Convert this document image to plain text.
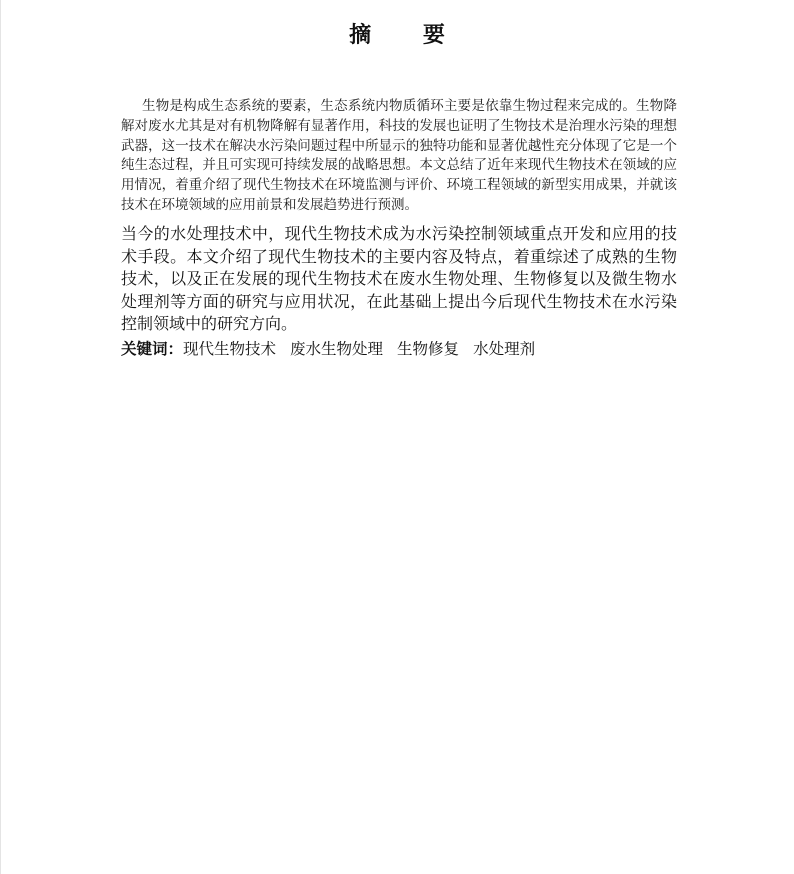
摘 要

生物是构成生态系统的要素，生态系统内物质循环主要是依靠生物过程来完成的。生物降解对废水尤其是对有机物降解有显著作用，科技的发展也证明了生物技术是治理水污染的理想武器，这一技术在解决水污染问题过程中所显示的独特功能和显著优越性充分体现了它是一个纯生态过程，并且可实现可持续发展的战略思想。本文总结了近年来现代生物技术在领域的应用情况，着重介绍了现代生物技术在环境监测与评价、环境工程领域的新型实用成果，并就该技术在环境领域的应用前景和发展趋势进行预测。

当今的水处理技术中，现代生物技术成为水污染控制领域重点开发和应用的技术手段。本文介绍了现代生物技术的主要内容及特点，着重综述了成熟的生物技术，以及正在发展的现代生物技术在废水生物处理、生物修复以及微生物水处理剂等方面的研究与应用状况，在此基础上提出今后现代生物技术在水污染控制领域中的研究方向。

关键词：现代生物技术 废水生物处理 生物修复 水处理剂
